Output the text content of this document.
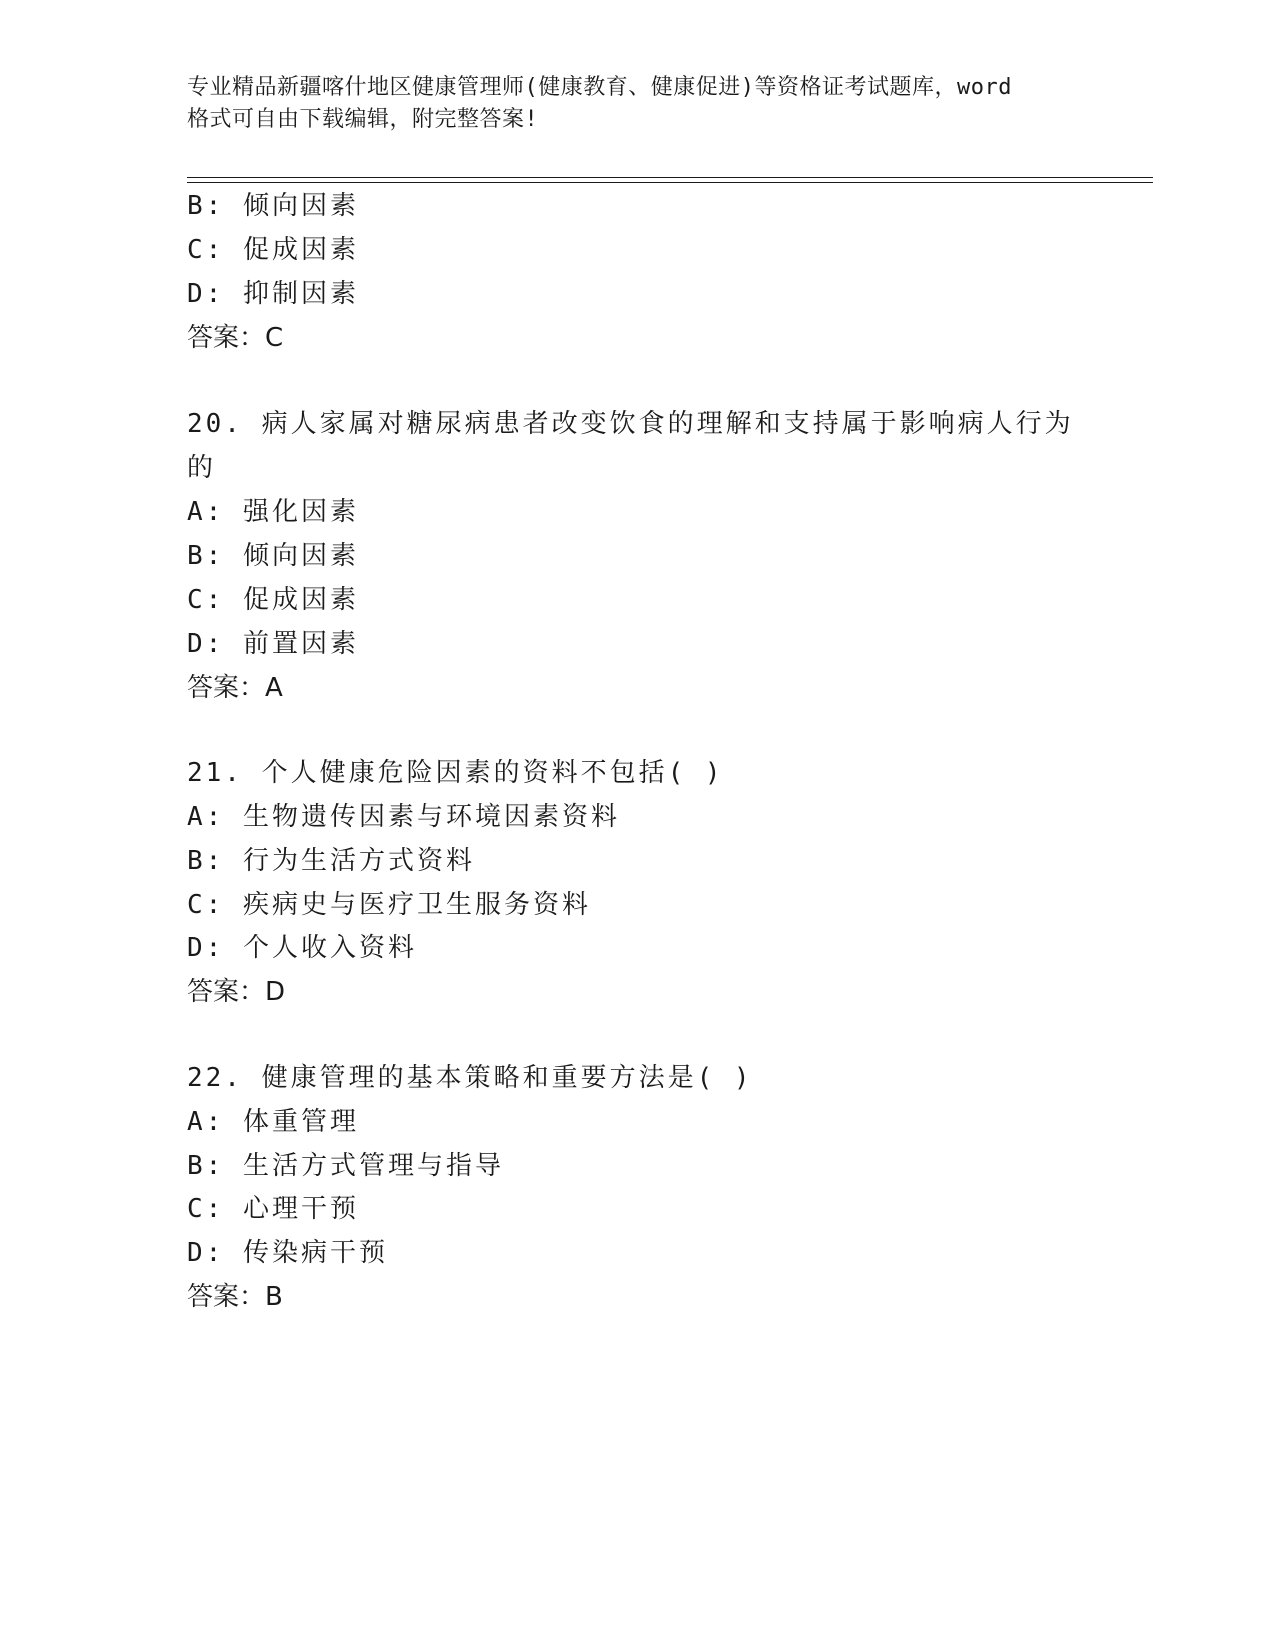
专业精品新疆喀什地区健康管理师(健康教育、健康促进)等资格证考试题库，word
格式可自由下载编辑，附完整答案!
B: 倾向因素
C: 促成因素
D: 抑制因素
答案：C
20. 病人家属对糖尿病患者改变饮食的理解和支持属于影响病人行为
的
A: 强化因素
B: 倾向因素
C: 促成因素
D: 前置因素
答案：A
21. 个人健康危险因素的资料不包括( )
A: 生物遗传因素与环境因素资料
B: 行为生活方式资料
C: 疾病史与医疗卫生服务资料
D: 个人收入资料
答案：D
22. 健康管理的基本策略和重要方法是( )
A: 体重管理
B: 生活方式管理与指导
C: 心理干预
D: 传染病干预
答案：B
